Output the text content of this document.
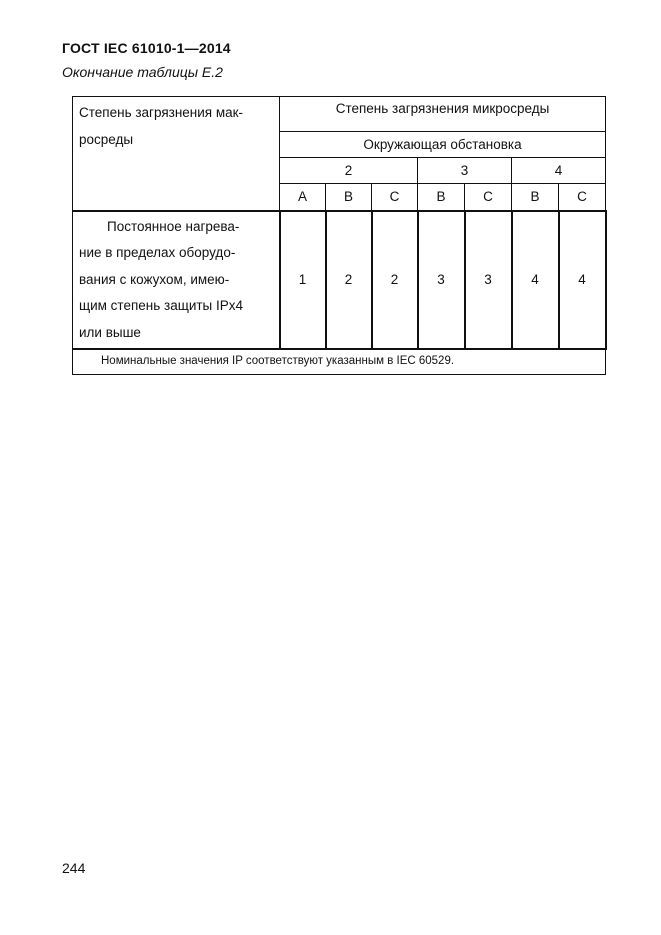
ГОСТ IEC 61010-1—2014
Окончание таблицы Е.2
Степень загрязнения мак-
росреды	Степень загрязнения микросреды						
	Окружающая обстановка						
	2			3		4	
	A	B	C	B	C	B	C

Постоянное нагрева-
ние в пределах оборудо-
вания с кожухом, имею-
щим степень защиты IPx4
или выше	1	2	2	3	3	4	4
Номинальные значения IP соответствуют указанным в IEC 60529.							
244
